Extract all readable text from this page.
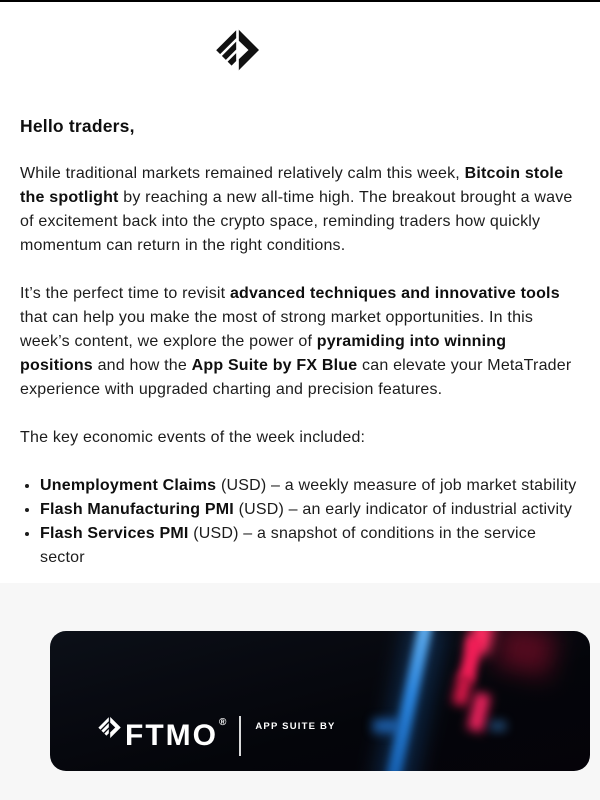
Hello traders,

While traditional markets remained relatively calm this week, Bitcoin stole the spotlight by reaching a new all-time high. The breakout brought a wave of excitement back into the crypto space, reminding traders how quickly momentum can return in the right conditions.

It’s the perfect time to revisit advanced techniques and innovative tools that can help you make the most of strong market opportunities. In this week’s content, we explore the power of pyramiding into winning positions and how the App Suite by FX Blue can elevate your MetaTrader experience with upgraded charting and precision features.

The key economic events of the week included:

• Unemployment Claims (USD) – a weekly measure of job market stability
• Flash Manufacturing PMI (USD) – an early indicator of industrial activity
• Flash Services PMI (USD) – a snapshot of conditions in the service sector
FTMO ®	APP SUITE BY
